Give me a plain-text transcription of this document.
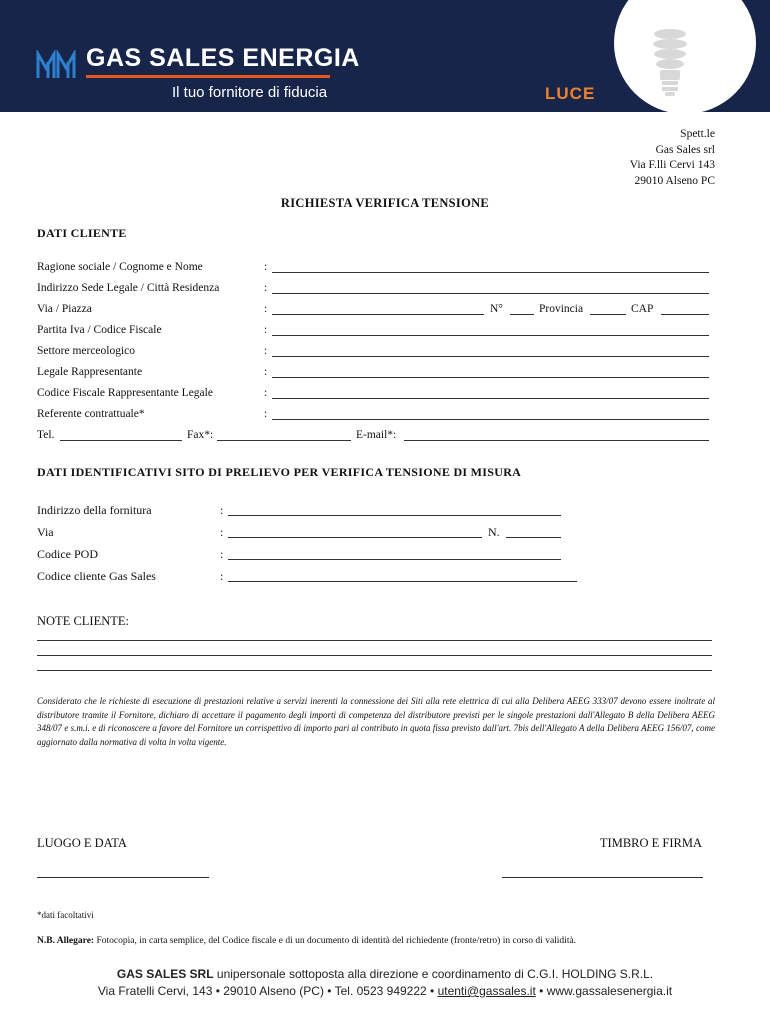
GAS SALES ENERGIA
Il tuo fornitore di fiducia	LUCE
Spett.le
Gas Sales srl
Via F.lli Cervi 143
29010 Alseno PC
RICHIESTA VERIFICA TENSIONE
DATI CLIENTE
Ragione sociale / Cognome e Nome	:
Indirizzo Sede Legale / Città Residenza	:
Via / Piazza	:	N°	Provincia	CAP
Partita Iva / Codice Fiscale	:
Settore merceologico	:
Legale Rappresentante	:
Codice Fiscale Rappresentante Legale	:
Referente contrattuale*	:
Tel.	Fax*:	E-mail*:
DATI IDENTIFICATIVI SITO DI PRELIEVO PER VERIFICA TENSIONE DI MISURA
Indirizzo della fornitura	:
Via	:	N.
Codice POD	:
Codice cliente Gas Sales	:
NOTE CLIENTE:
Considerato che le richieste di esecuzione di prestazioni relative a servizi inerenti la connessione dei Siti alla rete elettrica di cui alla Delibera AEEG 333/07 devono essere inoltrate al distributore tramite il Fornitore, dichiaro di accettare il pagamento degli importi di competenza del distributore previsti per le singole prestazioni dall'Allegato B della Delibera AEEG 348/07 e s.m.i. e di riconoscere a favore del Fornitore un corrispettivo di importo pari al contributo in quota fissa previsto dall'art. 7bis dell'Allegato A della Delibera AEEG 156/07, come aggiornato dalla normativa di volta in volta vigente.
LUOGO E DATA	TIMBRO E FIRMA
*dati facoltativi
N.B. Allegare: Fotocopia, in carta semplice, del Codice fiscale e di un documento di identità del richiedente (fronte/retro) in corso di validità.
GAS SALES SRL unipersonale sottoposta alla direzione e coordinamento di C.G.I. HOLDING S.R.L.
Via Fratelli Cervi, 143 • 29010 Alseno (PC) • Tel. 0523 949222 • utenti@gassales.it • www.gassalesenergia.it
